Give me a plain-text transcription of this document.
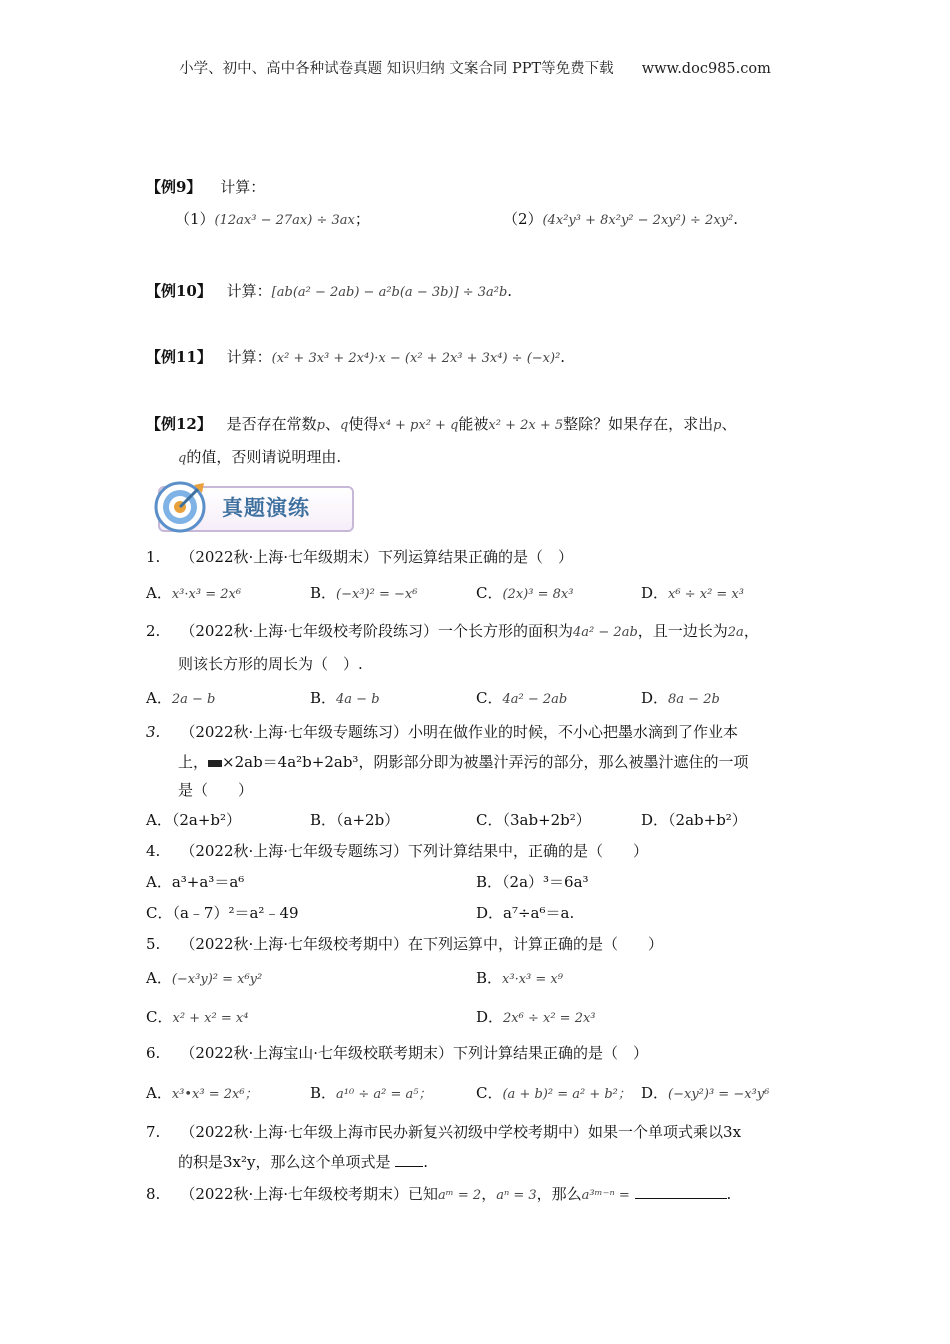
小学、初中、高中各种试卷真题 知识归纳 文案合同 PPT等免费下载 www.doc985.com
【例9】 计算：
（1）(12ax³ − 27ax) ÷ 3ax；	（2）(4x²y³ + 8x²y² − 2xy²) ÷ 2xy².
【例10】 计算：[ab(a² − 2ab) − a²b(a − 3b)] ÷ 3a²b.
【例11】 计算：(x² + 3x³ + 2x⁴)·x − (x² + 2x³ + 3x⁴) ÷ (−x)².
【例12】 是否存在常数p、q使得x⁴ + px² + q能被x² + 2x + 5整除？如果存在，求出p、
q的值，否则请说明理由.
真题演练
1. （2022秋·上海·七年级期末）下列运算结果正确的是（　）
A．x³·x³ = 2x⁶	B．(−x³)² = −x⁶	C．(2x)³ = 8x³	D．x⁶ ÷ x² = x³
2. （2022秋·上海·七年级校考阶段练习）一个长方形的面积为4a² − 2ab，且一边长为2a，
则该长方形的周长为（　）.
A．2a − b	B．4a − b	C．4a² − 2ab	D．8a − 2b
3. （2022秋·上海·七年级专题练习）小明在做作业的时候，不小心把墨水滴到了作业本
上， ×2ab＝4a²b+2ab³，阴影部分即为被墨汁弄污的部分，那么被墨汁遮住的一项
是（　　）
A．（2a+b²）	B．（a+2b）	C．（3ab+2b²）	D．（2ab+b²）
4. （2022秋·上海·七年级专题练习）下列计算结果中，正确的是（　　）
A．a³+a³＝a⁶	B．（2a）³＝6a³
C．（a﹣7）²＝a²﹣49	D．a⁷÷a⁶＝a.
5. （2022秋·上海·七年级校考期中）在下列运算中，计算正确的是（　　）
A．(−x³y)² = x⁶y²	B．x³·x³ = x⁹
C．x² + x² = x⁴	D．2x⁶ ÷ x² = 2x³
6. （2022秋·上海宝山·七年级校联考期末）下列计算结果正确的是（　）
A．x³•x³ = 2x⁶；	B．a¹⁰ ÷ a² = a⁵；	C．(a + b)² = a² + b²； D．(−xy²)³ = −x³y⁶
7. （2022秋·上海·七年级上海市民办新复兴初级中学校考期中）如果一个单项式乘以3x
的积是3x²y，那么这个单项式是 .
8. （2022秋·上海·七年级校考期末）已知aᵐ = 2，aⁿ = 3，那么a³ᵐ⁻ⁿ =	.
